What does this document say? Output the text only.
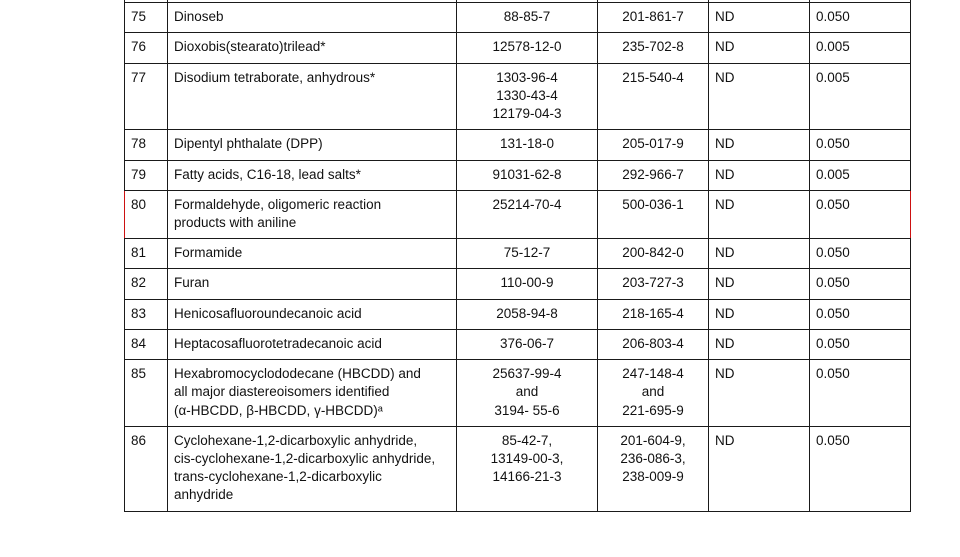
75	Dinoseb	88-85-7	201-861-7	ND	0.050
76	Dioxobis(stearato)trilead*	12578-12-0	235-702-8	ND	0.005
77	Disodium tetraborate, anhydrous*	1303-96-4
1330-43-4
12179-04-3	215-540-4	ND	0.005
78	Dipentyl phthalate (DPP)	131-18-0	205-017-9	ND	0.050
79	Fatty acids, C16-18, lead salts*	91031-62-8	292-966-7	ND	0.005
80	Formaldehyde, oligomeric reaction
products with aniline	25214-70-4	500-036-1	ND	0.050
81	Formamide	75-12-7	200-842-0	ND	0.050
82	Furan	110-00-9	203-727-3	ND	0.050
83	Henicosafluoroundecanoic acid	2058-94-8	218-165-4	ND	0.050
84	Heptacosafluorotetradecanoic acid	376-06-7	206-803-4	ND	0.050
85	Hexabromocyclododecane (HBCDD) and
all major diastereoisomers identified
(α-HBCDD, β-HBCDD, γ-HBCDD)ᵃ	25637-99-4
and
3194- 55-6	247-148-4
and
221-695-9	ND	0.050
86	Cyclohexane-1,2-dicarboxylic anhydride,
cis-cyclohexane-1,2-dicarboxylic anhydride,
trans-cyclohexane-1,2-dicarboxylic
anhydride	85-42-7,
13149-00-3,
14166-21-3	201-604-9,
236-086-3,
238-009-9	ND	0.050
